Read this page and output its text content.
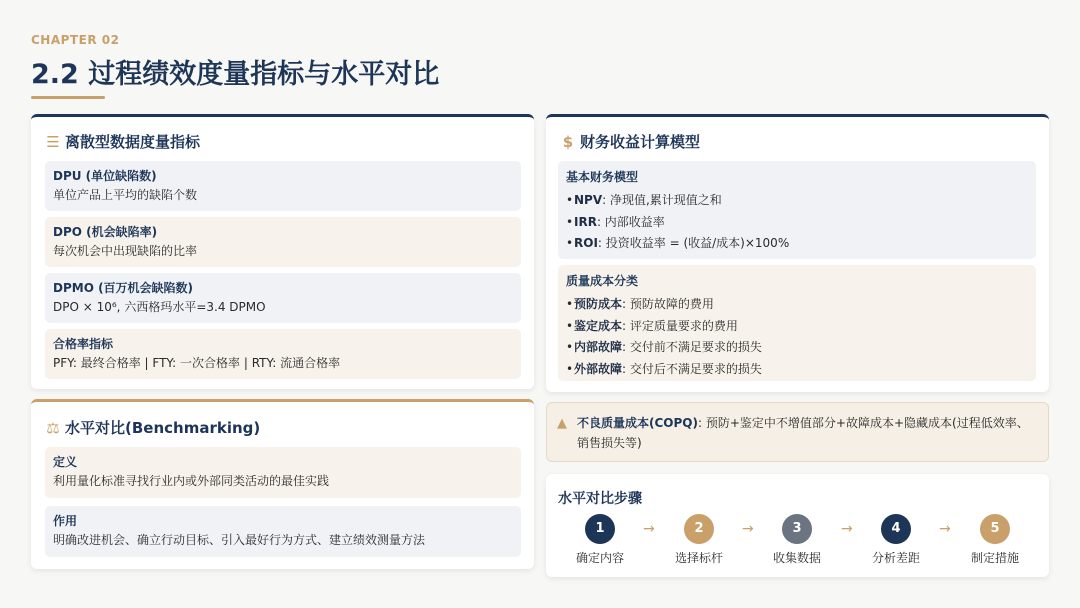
CHAPTER 02
2.2 过程绩效度量指标与水平对比
☰ 离散型数据度量指标
DPU (单位缺陷数)
单位产品上平均的缺陷个数
DPO (机会缺陷率)
每次机会中出现缺陷的比率
DPMO (百万机会缺陷数)
DPO × 10⁶, 六西格玛水平=3.4 DPMO
合格率指标
PFY: 最终合格率 | FTY: 一次合格率 | RTY: 流通合格率
⚖ 水平对比(Benchmarking)
定义
利用量化标准寻找行业内或外部同类活动的最佳实践
作用
明确改进机会、确立行动目标、引入最好行为方式、建立绩效测量方法
$ 财务收益计算模型
基本财务模型
• NPV: 净现值,累计现值之和
• IRR: 内部收益率
• ROI: 投资收益率 = (收益/成本)×100%
质量成本分类
• 预防成本: 预防故障的费用
• 鉴定成本: 评定质量要求的费用
• 内部故障: 交付前不满足要求的损失
• 外部故障: 交付后不满足要求的损失
▲ 不良质量成本(COPQ): 预防+鉴定中不增值部分+故障成本+隐藏成本(过程低效率、销售损失等)
水平对比步骤
1
确定内容
→	2
选择标杆
→	3
收集数据
→	4
分析差距
→	5
制定措施
